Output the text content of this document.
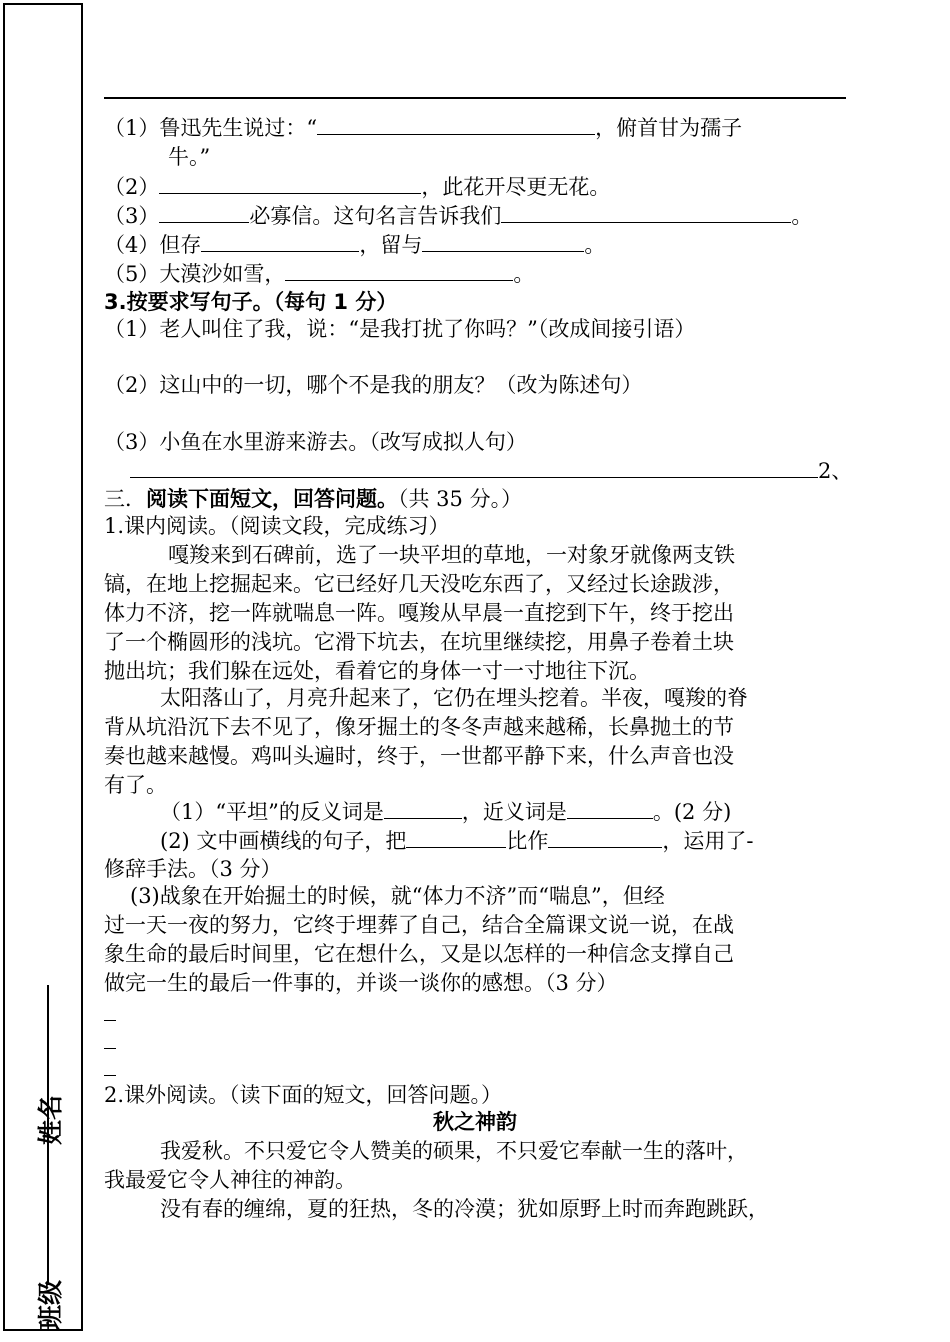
班级
姓名
（1）鲁迅先生说过：“	，俯首甘为孺子
牛。”
（2）	，此花开尽更无花。
（3）	必寡信。这句名言告诉我们	。
（4）但存	，留与	。
（5）大漠沙如雪，	。
3.按要求写句子。（每句 1 分）
（1）老人叫住了我，说：“是我打扰了你吗？”（改成间接引语）
（2）这山中的一切，哪个不是我的朋友？（改为陈述句）
（3）小鱼在水里游来游去。（改写成拟人句）
2、
三．阅读下面短文，回答问题。（共 35 分。）
1.课内阅读。（阅读文段，完成练习）
嘎羧来到石碑前，选了一块平坦的草地，一对象牙就像两支铁
镐，在地上挖掘起来。它已经好几天没吃东西了，又经过长途跋涉，
体力不济，挖一阵就喘息一阵。嘎羧从早晨一直挖到下午，终于挖出
了一个椭圆形的浅坑。它滑下坑去，在坑里继续挖，用鼻子卷着土块
抛出坑；我们躲在远处，看着它的身体一寸一寸地往下沉。
太阳落山了，月亮升起来了，它仍在埋头挖着。半夜，嘎羧的脊
背从坑沿沉下去不见了，像牙掘土的冬冬声越来越稀，长鼻抛土的节
奏也越来越慢。鸡叫头遍时，终于，一世都平静下来，什么声音也没
有了。
（1）“平坦”的反义词是	，近义词是	。(2 分)
(2) 文中画横线的句子，把	比作	，运用了-
修辞手法。（3 分）
(3)战象在开始掘土的时候，就“体力不济”而“喘息”，但经
过一天一夜的努力，它终于埋葬了自己，结合全篇课文说一说，在战
象生命的最后时间里，它在想什么，又是以怎样的一种信念支撑自己
做完一生的最后一件事的，并谈一谈你的感想。（3 分）
2.课外阅读。（读下面的短文，回答问题。）
秋之神韵
我爱秋。不只爱它令人赞美的硕果，不只爱它奉献一生的落叶，
我最爱它令人神往的神韵。
没有春的缠绵，夏的狂热，冬的冷漠；犹如原野上时而奔跑跳跃，
